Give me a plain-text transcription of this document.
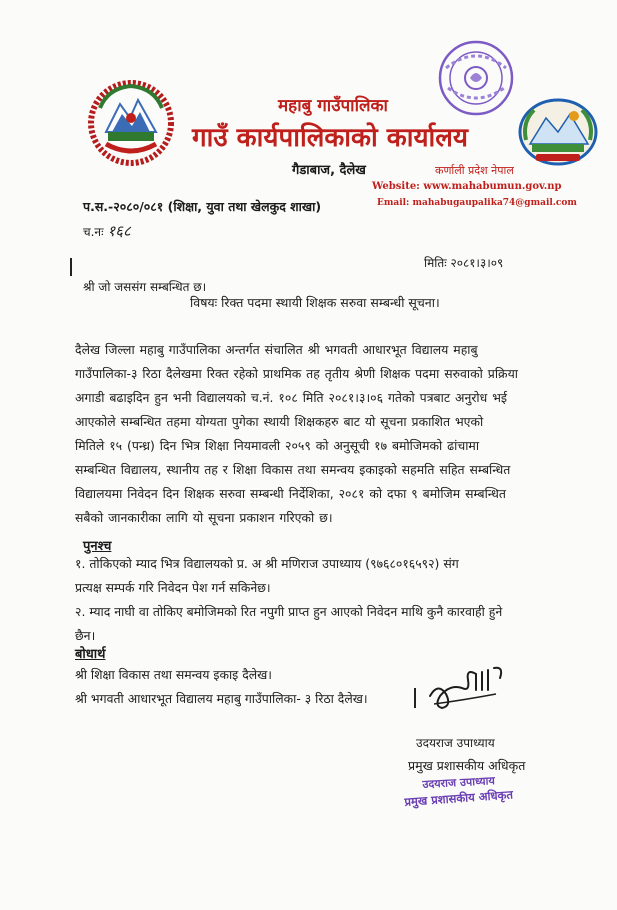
महाबु गाउँपालिका
गाउँ कार्यपालिकाको कार्यालय
गैडाबाज, दैलेख	कर्णाली प्रदेश नेपाल
Website: www.mahabumun.gov.np
Email: mahabugaupalika74@gmail.com
प.स.-२०८०/०८१ (शिक्षा, युवा तथा खेलकुद शाखा)
च.नः १६८
मितिः २०८१।३।०९
श्री जो जससंग सम्बन्धित छ।
विषयः रिक्त पदमा स्थायी शिक्षक सरुवा सम्बन्धी सूचना।
दैलेख जिल्ला महाबु गाउँपालिका अन्तर्गत संचालित श्री भगवती आधारभूत विद्यालय महाबु
गाउँपालिका-३ रिठा दैलेखमा रिक्त रहेको प्राथमिक तह तृतीय श्रेणी शिक्षक पदमा सरुवाको प्रक्रिया
अगाडी बढाइदिन हुन भनी विद्यालयको च.नं. १०८ मिति २०८१।३।०६ गतेको पत्रबाट अनुरोध भई
आएकोले सम्बन्धित तहमा योग्यता पुगेका स्थायी शिक्षकहरु बाट यो सूचना प्रकाशित भएको
मितिले १५ (पन्ध्र) दिन भित्र शिक्षा नियमावली २०५९ को अनुसूची १७ बमोजिमको ढांचामा
सम्बन्धित विद्यालय, स्थानीय तह र शिक्षा विकास तथा समन्वय इकाइको सहमति सहित सम्बन्धित
विद्यालयमा निवेदन दिन शिक्षक सरुवा सम्बन्धी निर्देशिका, २०८१ को दफा ९ बमोजिम सम्बन्धित
सबैको जानकारीका लागि यो सूचना प्रकाशन गरिएको छ।
पुनश्च
१. तोकिएको म्याद भित्र विद्यालयको प्र. अ श्री मणिराज उपाध्याय (९७६८०१६५९२) संग
प्रत्यक्ष सम्पर्क गरि निवेदन पेश गर्न सकिनेछ।
२. म्याद नाघी वा तोकिए बमोजिमको रित नपुगी प्राप्त हुन आएको निवेदन माथि कुनै कारवाही हुने
छैन।
बोधार्थ
श्री शिक्षा विकास तथा समन्वय इकाइ दैलेख।
श्री भगवती आधारभूत विद्यालय महाबु गाउँपालिका- ३ रिठा दैलेख।
उदयराज उपाध्याय
प्रमुख प्रशासकीय अधिकृत
उदयराज उपाध्याय
प्रमुख प्रशासकीय अधिकृत
